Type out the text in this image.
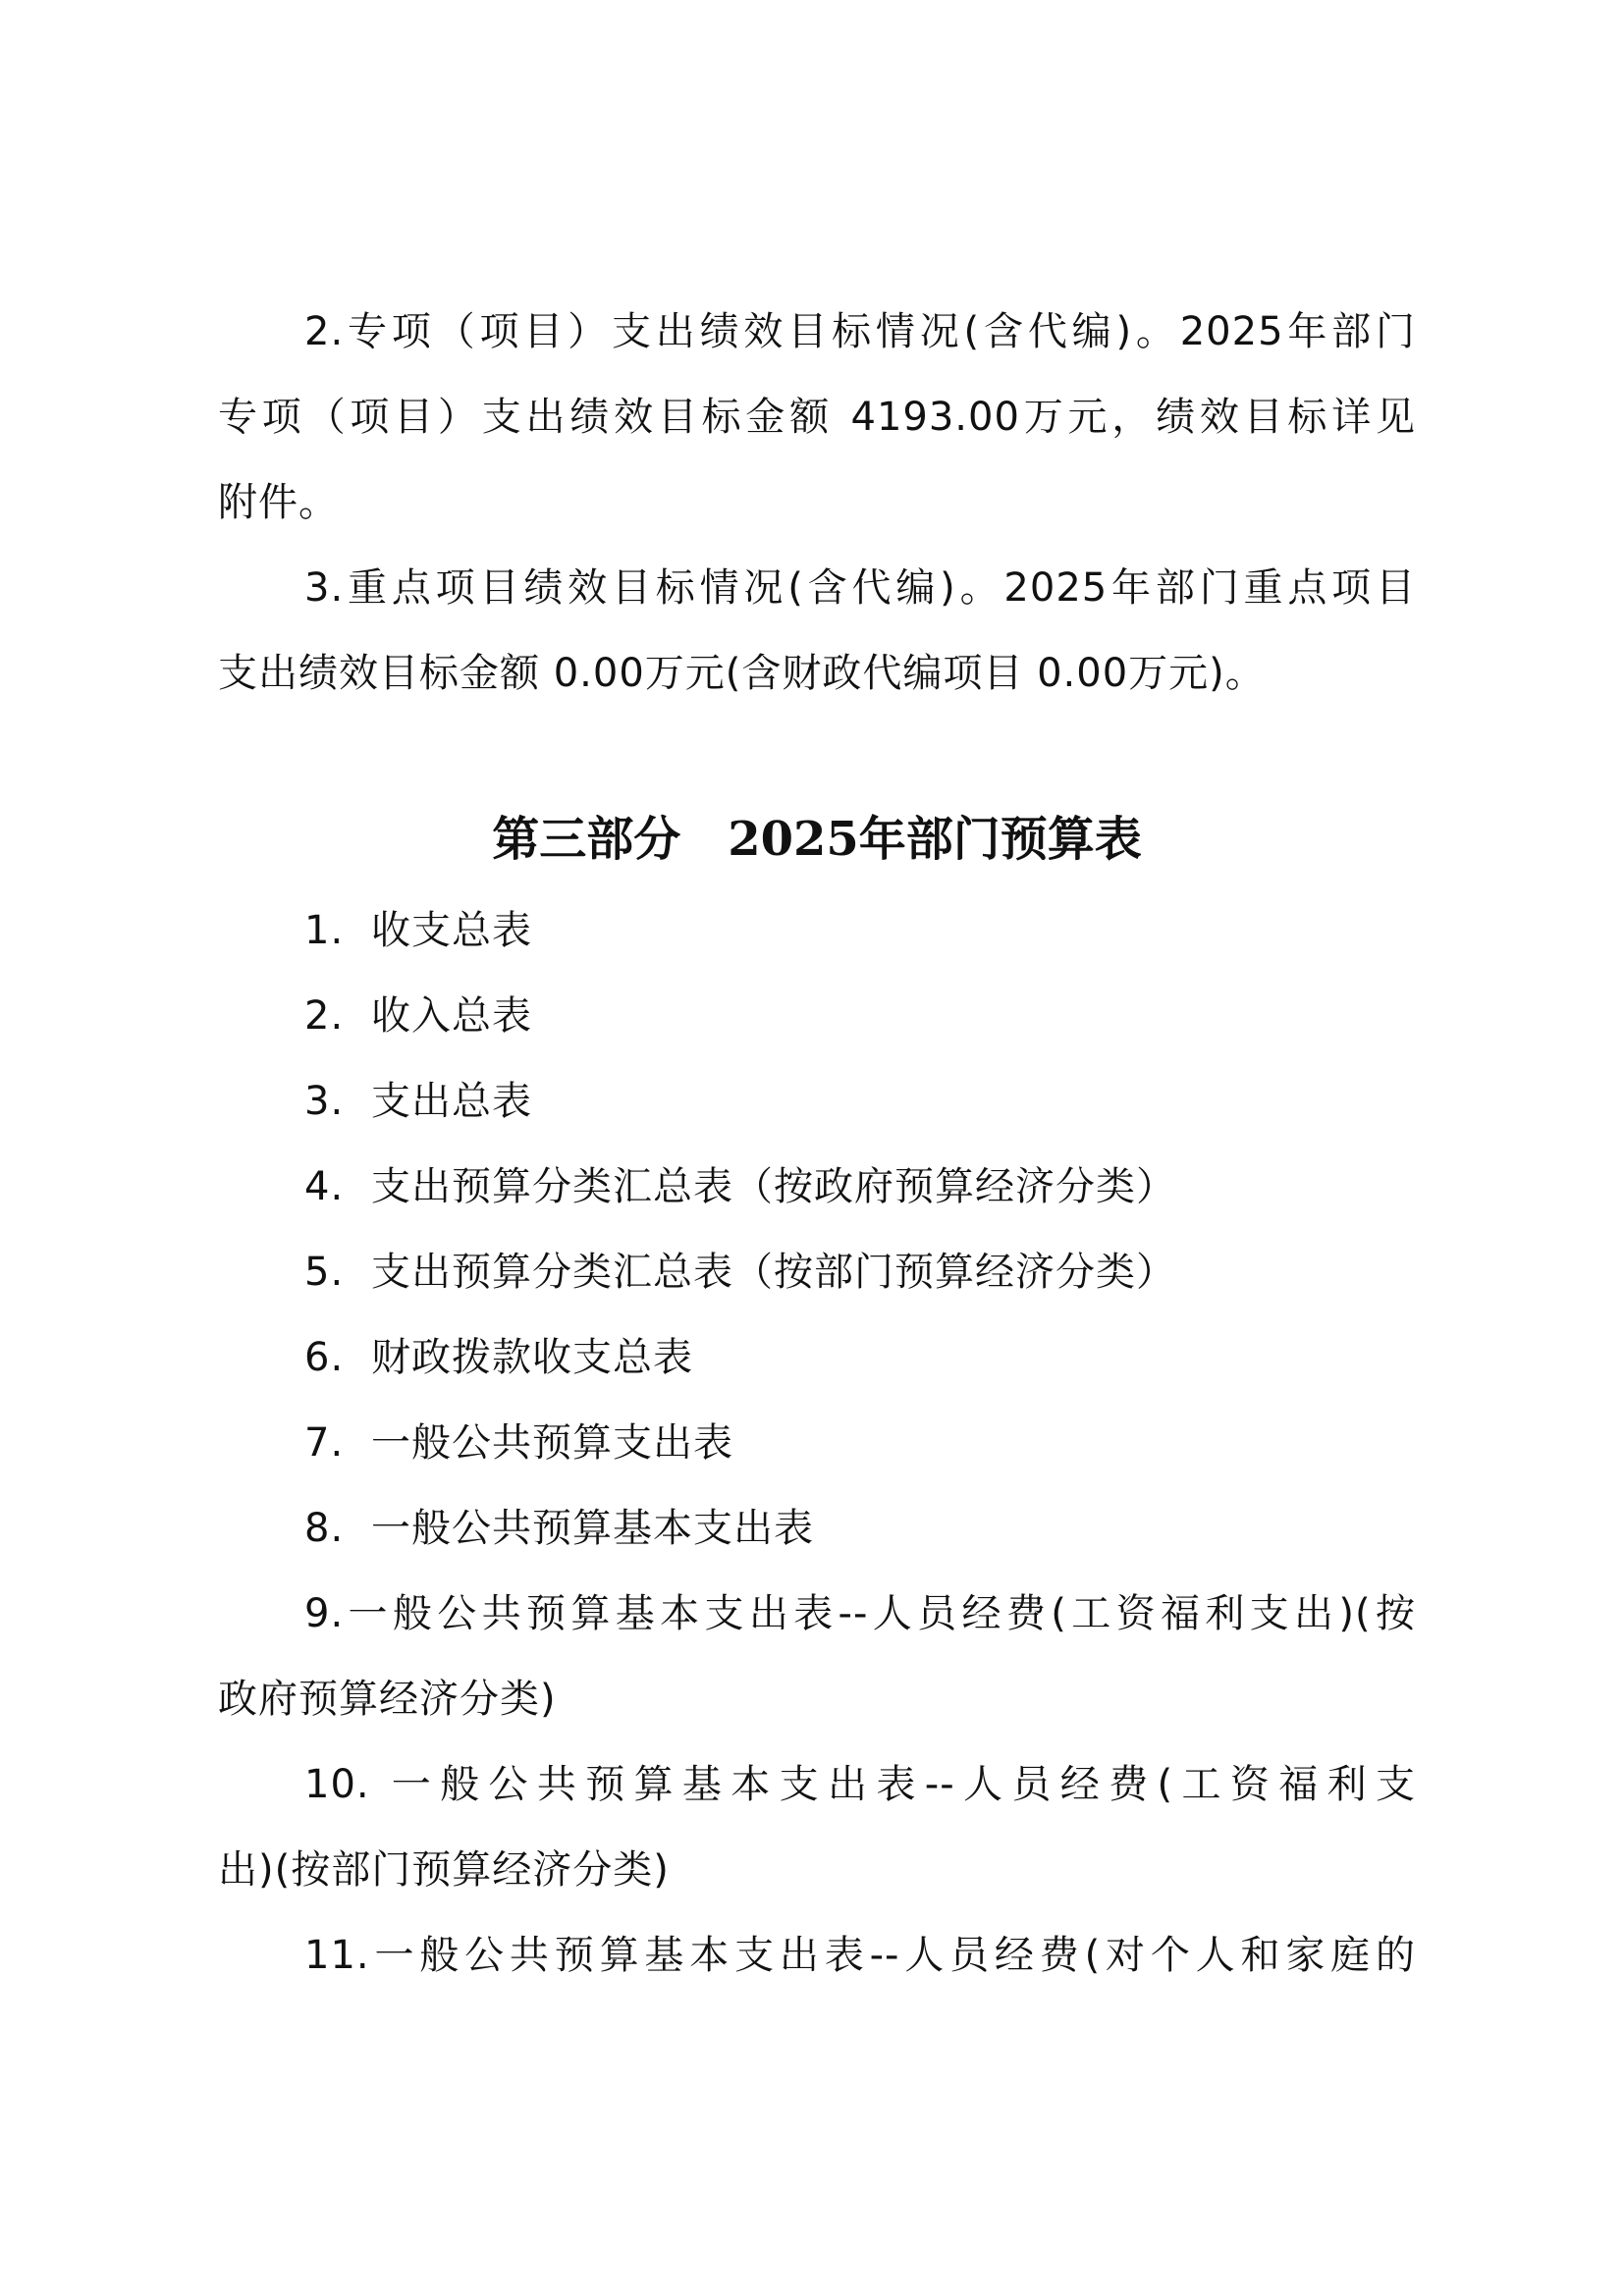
2.专项（项目）支出绩效目标情况(含代编)。2025年部门
专项（项目）支出绩效目标金额 4193.00万元，绩效目标详见
附件。
3.重点项目绩效目标情况(含代编)。2025年部门重点项目
支出绩效目标金额 0.00万元(含财政代编项目 0.00万元)。
第三部分　2025年部门预算表
1. 收支总表
2. 收入总表
3. 支出总表
4. 支出预算分类汇总表（按政府预算经济分类）
5. 支出预算分类汇总表（按部门预算经济分类）
6. 财政拨款收支总表
7. 一般公共预算支出表
8. 一般公共预算基本支出表
9.一般公共预算基本支出表--人员经费(工资福利支出)(按
政府预算经济分类)
10. 一般公共预算基本支出表--人员经费(工资福利支
出)(按部门预算经济分类)
11.一般公共预算基本支出表--人员经费(对个人和家庭的
